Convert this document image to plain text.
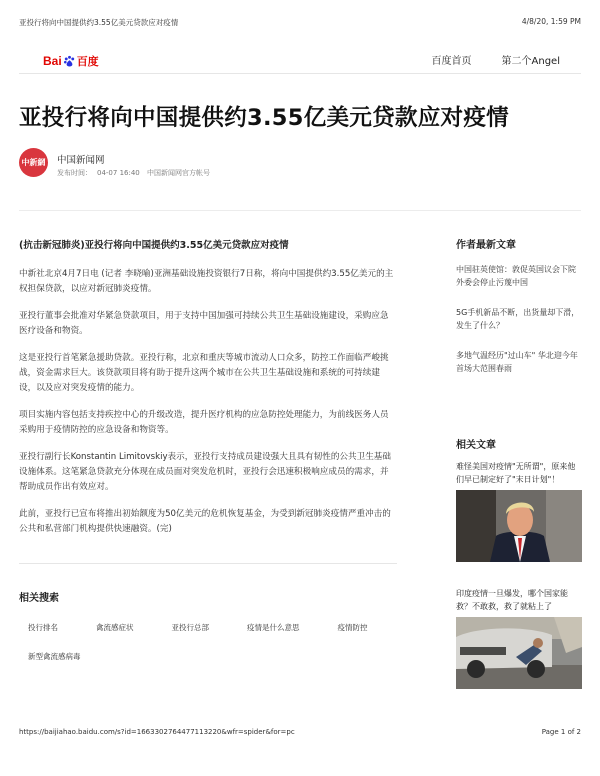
亚投行将向中国提供约3.55亿美元贷款应对疫情	4/8/20, 1:59 PM
Bai 百度	百度首页	第二个Angel
亚投行将向中国提供约3.55亿美元贷款应对疫情
中新網 中国新闻网
发布时间： 04-07 16:40 中国新闻网官方帐号
(抗击新冠肺炎)亚投行将向中国提供约3.55亿美元贷款应对疫情

中新社北京4月7日电 (记者 李晓喻)亚洲基础设施投资银行7日称，将向中国提供约3.55亿美元的主权担保贷款，以应对新冠肺炎疫情。

亚投行董事会批准对华紧急贷款项目，用于支持中国加强可持续公共卫生基础设施建设，采购应急医疗设备和物资。

这是亚投行首笔紧急援助贷款。亚投行称，北京和重庆等城市流动人口众多，防控工作面临严峻挑战，资金需求巨大。该贷款项目将有助于提升这两个城市在公共卫生基础设施和系统的可持续建设，以及应对突发疫情的能力。

项目实施内容包括支持疾控中心的升级改造，提升医疗机构的应急防控处理能力，为前线医务人员采购用于疫情防控的应急设备和物资等。

亚投行副行长Konstantin Limitovskiy表示，亚投行支持成员建设强大且具有韧性的公共卫生基础设施体系。这笔紧急贷款充分体现在成员面对突发危机时，亚投行会迅速积极响应成员的需求，并帮助成员作出有效应对。

此前，亚投行已宣布将推出初始额度为50亿美元的危机恢复基金，为受到新冠肺炎疫情严重冲击的公共和私营部门机构提供快速融资。(完)

相关搜索
投行排名	禽流感症状	亚投行总部	疫情是什么意思	疫情防控
新型禽流感病毒
作者最新文章
中国驻英使馆：敦促英国议会下院外委会停止污蔑中国
5G手机新品不断，出货量却下滑，发生了什么？
多地气温经历"过山车" 华北迎今年首场大范围春雨
相关文章
难怪美国对疫情"无所谓"，原来他们早已制定好了"末日计划"！
印度疫情一旦爆发，哪个国家能救？不敢救，救了就粘上了
https://baijiahao.baidu.com/s?id=1663302764477113220&wfr=spider&for=pc	Page 1 of 2
